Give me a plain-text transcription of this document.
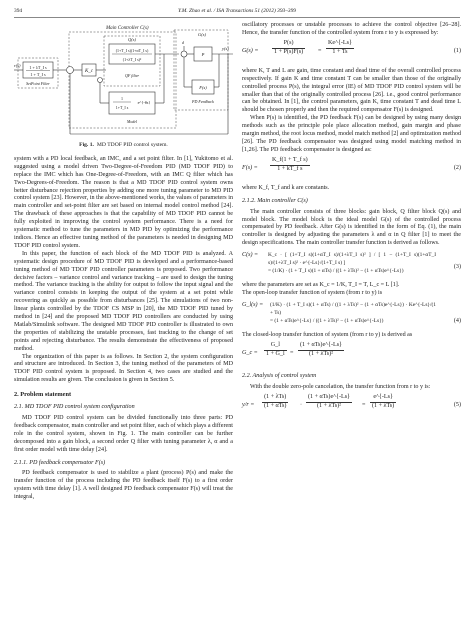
394	Y.M. Zhao et al. / ISA Transactions 51 (2012) 393–399
Main Controller C(s)
1 + λT_I s
1 + T_I s
SetPoint Filter
r(s)
K_c
Q(s)
(1+T_I s)(1+αT_I s)
(1+λT_I s)²
QF filter
1
1+T_I s
e^{-θs}
Model
G(s)
d
P
y(s)
F(s)
PD Feedback
Fig. 1. MD TDOF PID control system.

system with a PD local feedback, an IMC, and a set point filter. In [1], Yukitomo et al. suggested using a model driven Two-Degree-of-Freedom PID (MD TDOF PID) to replace the IMC which has One-Degree-of-Freedom, with an IMC Q filter which has Two-Degrees-of-Freedom. The reason is that a MD TDOF PID control system owns better disturbance rejection properties by adding one more tuning parameter to MD PID control system [23]. However, in the above-mentioned works, the values of parameters in main controller and set-point filter are set based on internal model control method [24]. The drawback of these approaches is that the capability of MD TDOF PID cannot be fully exploited in improving the control system performance. There is a need for systematic method to tune the parameters in MD PID by optimizing the performance indices. Hence an effective tuning method of the parameters is needed in designing MD TDOF PID control system.

In this paper, the function of each block of the MD TDOF PID is analyzed. A systematic design procedure of MD TDOF PID is developed and a performance-based tuning method of MD TDOF PID controller parameters is proposed. Two performance decisive factors – variance control and variance tracking – are used to design the tuning method. The variance tracking is the ability for output to follow the input signal and the variance control consists in keeping the output of the system at a set point while recovering as quickly as possible from disturbances [25]. The simulations of two non-linear plants controlled by the TDOF CS MSP in [20], the MD TDOF PID tuned by method in [24] and the proposed MD TDOF PID controllers are conducted by using Matlab/Simulink software. The designed MD TDOF PID controller is illustrated to own the properties of stabilizing the unstable processes, fast tracking to the change of set points and rejecting disturbance. The results demonstrate the effectiveness of proposed method.

The organization of this paper is as follows. In Section 2, the system configuration and structure are introduced. In Section 3, the tuning method of the parameters of MD TDOF PID control system is proposed. In Section 4, two cases are studied and the simulation results are given. The conclusion is given in Section 5.

2. Problem statement
2.1. MD TDOF PID control system configuration

MD TDOF PID control system can be divided functionally into three parts: PD feedback compensator, main controller and set point filter, each of which plays a different role in the control system, shown in Fig. 1. The main controller can be further decomposed into a gain block, a second order Q filter with tuning parameter λ, α and a first order model with time delay [24].

2.1.1. PD feedback compensator F(s)

PD feedback compensator is used to stabilize a plant (process) P(s) and make the transfer function of the process including the PD feedback itself F(s) to a first order system with time delay [1]. A well designed PD feedback compensator F(s) will treat the integral,

oscillatory processes or unstable processes to achieve the control objective [26–28]. Hence, the transfer function of the controlled system from r to y is expressed by:

$G(s) = \frac{P(s)}{1 + P(s)F(s)} = \frac{Ke\^{}\{-Ls\}}{1 + Ts}$	(1)

where K, T and L are gain, time constant and dead time of the overall controlled process respectively. If gain K and time constant T can be smaller than those of the originally controlled process P(s), the integral error (IE) of MD TDOF PID control system will be smaller than that of the originally controlled process [26]. i.e., good control performance can be obtained. In [1], the control parameters, gain K, time constant T and dead time L should be chosen properly and then the required compensator F(s) is designed.

When P(s) is identified, the PD feedback F(s) can be designed by using many design methods such as the principle pole place allocation method, gain margin and phase margin method, the root locus method, model match method [2] and optimization method [26]. The PD feedback compensator was designed using model matching method in [1,26]. The PD feedback compensator is designed as:

$F(s) = \frac{\text{K\_f(1 + T\_f s)}}{\text{1 + kT\_f s}}$	(2)

where K_f, T_f and k are constants.

2.1.2. Main controller C(s)

The main controller consists of three blocks: gain block, Q filter block Q(s) and model block. The model block is the ideal model G(s) of the controlled process compensated by PD feedback. After G(s) is identified in the form of Eq. (1), the main controller is designed by adjusting the parameters λ and α in Q filter [1] to meet the design specifications. The main controller transfer function is derived as follows.

C(s) = K_c · [ (1+T_I s)(1+αT_I s)/(1+λT_I s)² ] / [ 1 − (1+T_I s)(1+αT_I s)/(1+λT_I s)² · e^{-Ls}/(1+T_I s) ]
= (1/K) · (1 + T_I s)(1 + αTs) / ((1 + λTs)² − (1 + αTs)e^{-Ls})
(3)

where the parameters are set as K_c = 1/K, T_I = T, L_c = L [1].

The open-loop transfer function of system (from r to y) is

G_l(s) = (1/K) · (1 + T_I s)(1 + αTs) / ((1 + λTs)² − (1 + αTs)e^{-Ls}) · Ke^{-Ls}/(1 + Ts)
= (1 + αTs)e^{-Ls} / ((1 + λTs)² − (1 + αTs)e^{-Ls})	(4)

The closed-loop transfer function of system (from r to y) is derived as

G_c = $\frac{G\_l}{1 + G\_l}$ =
(1 + αTs)e^{-Ls}
(1 + λTs)²
2.2. Analysis of control system

With the double zero-pole cancelation, the transfer function from r to y is:

y/r =
(1 + λTs)
(1 + αTs)	·
(1 + αTs)e^{-Ls}
(1 + λTs)²	=
e^{-Ls}
(1 + λTs)	(5)
